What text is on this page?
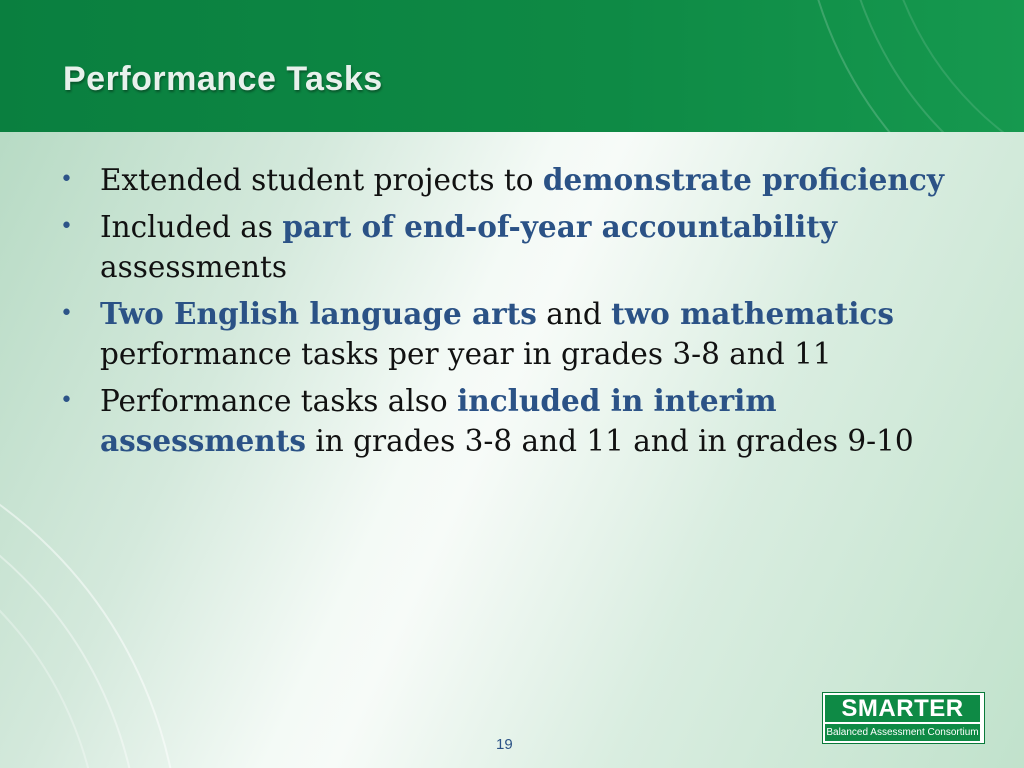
Performance Tasks
• Extended student projects to demonstrate proficiency
• Included as part of end-of-year accountability assessments
• Two English language arts and two mathematics performance tasks per year in grades 3-8 and 11
• Performance tasks also included in interim assessments in grades 3-8 and 11 and in grades 9-10
19
SMARTER
Balanced Assessment Consortium
